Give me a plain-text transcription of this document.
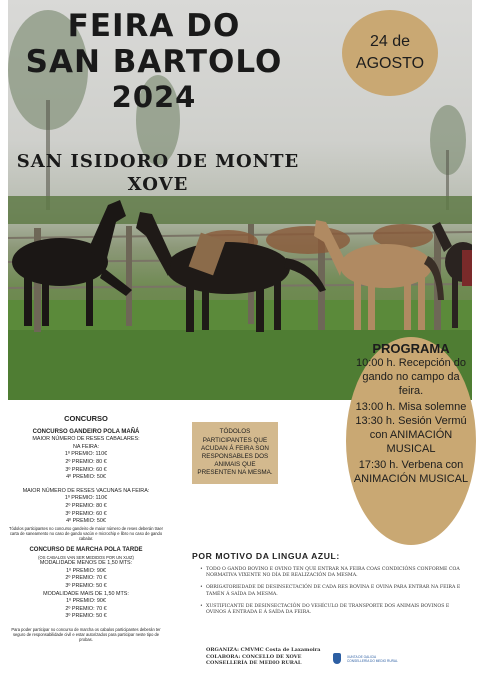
FEIRA DO
SAN BARTOLO
2024
SAN ISIDORO DE MONTE
XOVE
24 de
AGOSTO
PROGRAMA
10:00 h. Recepción do gando no campo da feira.
13:00 h. Misa solemne
13:30 h. Sesión Vermú con ANIMACIÓN MUSICAL
17:30 h. Verbena con ANIMACIÓN MUSICAL
CONCURSO
CONCURSO GANDEIRO POLA MAÑÁ
MAIOR NÚMERO DE RESES CABALARES:
NA FEIRA:
1º PREMIO: 110€
2º PREMIO: 80 €
3º PREMIO: 60 €
4º PREMIO: 50€
MAIOR NÚMERO DE RESES VACUNAS NA FEIRA:
1º PREMIO: 110€
2º PREMIO: 80 €
3º PREMIO: 60 €
4º PREMIO: 50€
Tódolos participantes no concurso gandeiro de maior número de reses deberán traer carta de saneamento no caso de gando vacún e microchip e libro no caso de gando cabalar.
CONCURSO DE MARCHA POLA TARDE
(OS CABALOS VAN SER MEDIDOS POR UN XUIZ)
MODALIDADE MENOS DE 1,50 MTS:
1º PREMIO: 90€
2º PREMIO: 70 €
3º PREMIO: 50 €
MODALIDADE MAIS DE 1,50 MTS:
1º PREMIO: 90€
2º PREMIO: 70 €
3º PREMIO: 50 €
Para poder participar no concurso de marcha os cabalos participantes deberán ter seguro de responsabilidade civil e estar autorizados para participar neste tipo de probas.
TÓDOLOS PARTICIPANTES QUE ACUDAN Á FEIRA SON RESPONSABLES DOS ANIMAIS QUE PRESENTEN NA MESMA.
POR MOTIVO DA LINGUA AZUL:
• TODO O GANDO BOVINO E OVINO TEN QUE ENTRAR NA FEIRA COAS CONDICIÓNS CONFORME COA NORMATIVA VIXENTE NO DÍA DE REALIZACIÓN DA MESMA.
• OBRIGATORIEDADE DE DESINSECTACIÓN DE CADA RES BOVINA E OVINA PARA ENTRAR NA FEIRA E TAMÉN Á SAÍDA DA MESMA.
• XUSTIFICANTE DE DESINSECTACIÓN DO VEHÍCULO DE TRANSPORTE DOS ANIMAIS BOVINOS E OVINOS Á ENTRADA E Á SAÍDA DA FEIRA.
ORGANIZA: CMVMC Costa de Laxamoira
COLABORA: CONCELLO DE XOVE
CONSELLERÍA DE MEDIO RURAL
XUNTA DE GALICIA
CONSELLERÍA DO MEDIO RURAL
